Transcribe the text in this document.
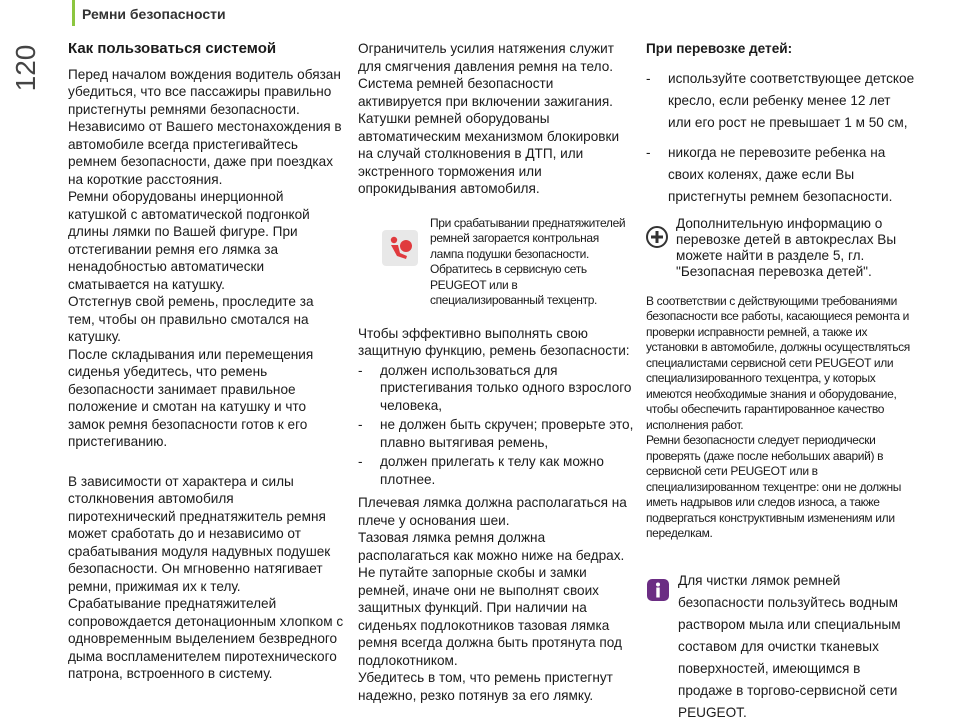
Ремни безопасности
120 Как пользоваться системой

Перед началом вождения водитель обязан убедиться, что все пассажиры правильно пристегнуты ремнями безопасности.

Независимо от Вашего местонахождения в автомобиле всегда пристегивайтесь ремнем безопасности, даже при поездках на короткие расстояния.

Ремни оборудованы инерционной катушкой с автоматической подгонкой длины лямки по Вашей фигуре. При отстегивании ремня его лямка за ненадобностью автоматически сматывается на катушку.

Отстегнув свой ремень, проследите за тем, чтобы он правильно смотался на катушку.

После складывания или перемещения сиденья убедитесь, что ремень безопасности занимает правильное положение и смотан на катушку и что замок ремня безопасности готов к его пристегиванию.

В зависимости от характера и силы столкновения автомобиля пиротехнический преднатяжитель ремня может сработать до и независимо от срабатывания модуля надувных подушек безопасности. Он мгновенно натягивает ремни, прижимая их к телу.

Срабатывание преднатяжителей сопровождается детонационным хлопком с одновременным выделением безвредного дыма воспламенителем пиротехнического патрона, встроенного в систему.

Ограничитель усилия натяжения служит для смягчения давления ремня на тело.

Система ремней безопасности активируется при включении зажигания.

Катушки ремней оборудованы автоматическим механизмом блокировки на случай столкновения в ДТП, или экстренного торможения или опрокидывания автомобиля.

При срабатывании преднатяжителей ремней загорается контрольная лампа подушки безопасности. Обратитесь в сервисную сеть PEUGEOT или в специализированный техцентр.

Чтобы эффективно выполнять свою защитную функцию, ремень безопасности:

-	должен использоваться для пристегивания только одного взрослого человека,
-	не должен быть скручен; проверьте это, плавно вытягивая ремень,
-	должен прилегать к телу как можно плотнее.

Плечевая лямка должна располагаться на плече у основания шеи.

Тазовая лямка ремня должна располагаться как можно ниже на бедрах.

Не путайте запорные скобы и замки ремней, иначе они не выполнят своих защитных функций. При наличии на сиденьях подлокотников тазовая лямка ремня всегда должна быть протянута под подлокотником.

Убедитесь в том, что ремень пристегнут надежно, резко потянув за его лямку.

При перевозке детей:
-	используйте соответствующее детское кресло, если ребенку менее 12 лет или его рост не превышает 1 м 50 см,
-	никогда не перевозите ребенка на своих коленях, даже если Вы пристегнуты ремнем безопасности.
Дополнительную информацию о перевозке детей в автокреслах Вы можете найти в разделе 5, гл. "Безопасная перевозка детей".

В соответствии с действующими требованиями безопасности все работы, касающиеся ремонта и проверки исправности ремней, а также их установки в автомобиле, должны осуществляться специалистами сервисной сети PEUGEOT или специализированного техцентра, у которых имеются необходимые знания и оборудование, чтобы обеспечить гарантированное качество исполнения работ.

Ремни безопасности следует периодически проверять (даже после небольших аварий) в сервисной сети PEUGEOT или в специализированном техцентре: они не должны иметь надрывов или следов износа, а также подвергаться конструктивным изменениям или переделкам.

Для чистки лямок ремней безопасности пользуйтесь водным раствором мыла или специальным составом для очистки тканевых поверхностей, имеющимся в продаже в торгово-сервисной сети PEUGEOT.
